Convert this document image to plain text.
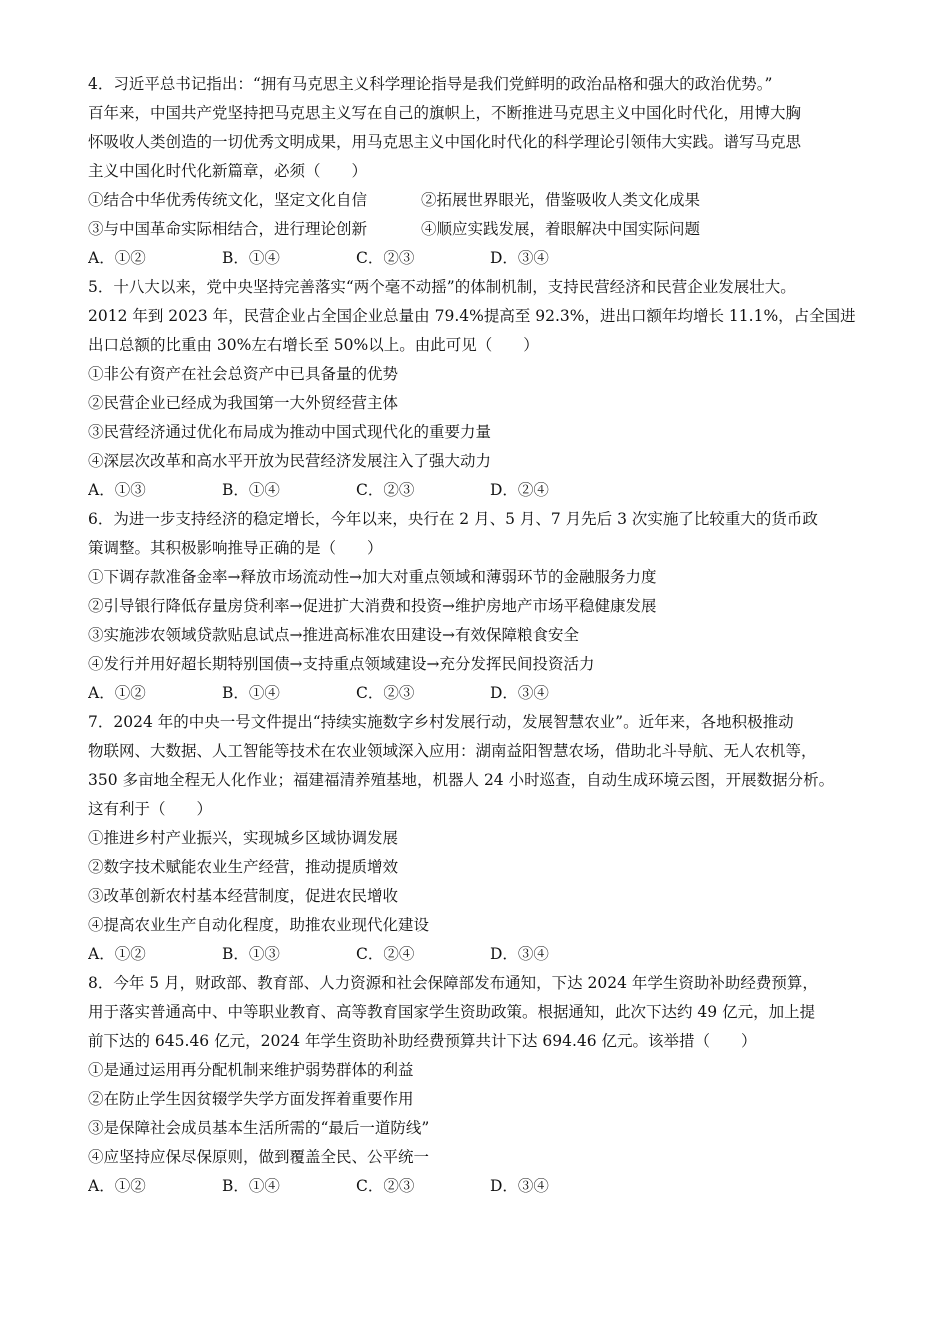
4．习近平总书记指出：“拥有马克思主义科学理论指导是我们党鲜明的政治品格和强大的政治优势。”
百年来，中国共产党坚持把马克思主义写在自己的旗帜上，不断推进马克思主义中国化时代化，用博大胸
怀吸收人类创造的一切优秀文明成果，用马克思主义中国化时代化的科学理论引领伟大实践。谱写马克思
主义中国化时代化新篇章，必须（　　）
①结合中华优秀传统文化，坚定文化自信	②拓展世界眼光，借鉴吸收人类文化成果
③与中国革命实际相结合，进行理论创新	④顺应实践发展，着眼解决中国实际问题
A．①②	B．①④	C．②③	D．③④
5．十八大以来，党中央坚持完善落实“两个毫不动摇”的体制机制，支持民营经济和民营企业发展壮大。
2012 年到 2023 年，民营企业占全国企业总量由 79.4%提高至 92.3%，进出口额年均增长 11.1%，占全国进
出口总额的比重由 30%左右增长至 50%以上。由此可见（　　）
①非公有资产在社会总资产中已具备量的优势
②民营企业已经成为我国第一大外贸经营主体
③民营经济通过优化布局成为推动中国式现代化的重要力量
④深层次改革和高水平开放为民营经济发展注入了强大动力
A．①③	B．①④	C．②③	D．②④
6．为进一步支持经济的稳定增长，今年以来，央行在 2 月、5 月、7 月先后 3 次实施了比较重大的货币政
策调整。其积极影响推导正确的是（　　）
①下调存款准备金率→释放市场流动性→加大对重点领域和薄弱环节的金融服务力度
②引导银行降低存量房贷利率→促进扩大消费和投资→维护房地产市场平稳健康发展
③实施涉农领域贷款贴息试点→推进高标准农田建设→有效保障粮食安全
④发行并用好超长期特别国债→支持重点领域建设→充分发挥民间投资活力
A．①②	B．①④	C．②③	D．③④
7．2024 年的中央一号文件提出“持续实施数字乡村发展行动，发展智慧农业”。近年来，各地积极推动
物联网、大数据、人工智能等技术在农业领域深入应用：湖南益阳智慧农场，借助北斗导航、无人农机等，
350 多亩地全程无人化作业；福建福清养殖基地，机器人 24 小时巡查，自动生成环境云图，开展数据分析。
这有利于（　　）
①推进乡村产业振兴，实现城乡区域协调发展
②数字技术赋能农业生产经营，推动提质增效
③改革创新农村基本经营制度，促进农民增收
④提高农业生产自动化程度，助推农业现代化建设
A．①②	B．①③	C．②④	D．③④
8．今年 5 月，财政部、教育部、人力资源和社会保障部发布通知，下达 2024 年学生资助补助经费预算，
用于落实普通高中、中等职业教育、高等教育国家学生资助政策。根据通知，此次下达约 49 亿元，加上提
前下达的 645.46 亿元，2024 年学生资助补助经费预算共计下达 694.46 亿元。该举措（　　）
①是通过运用再分配机制来维护弱势群体的利益
②在防止学生因贫辍学失学方面发挥着重要作用
③是保障社会成员基本生活所需的“最后一道防线”
④应坚持应保尽保原则，做到覆盖全民、公平统一
A．①②	B．①④	C．②③	D．③④
